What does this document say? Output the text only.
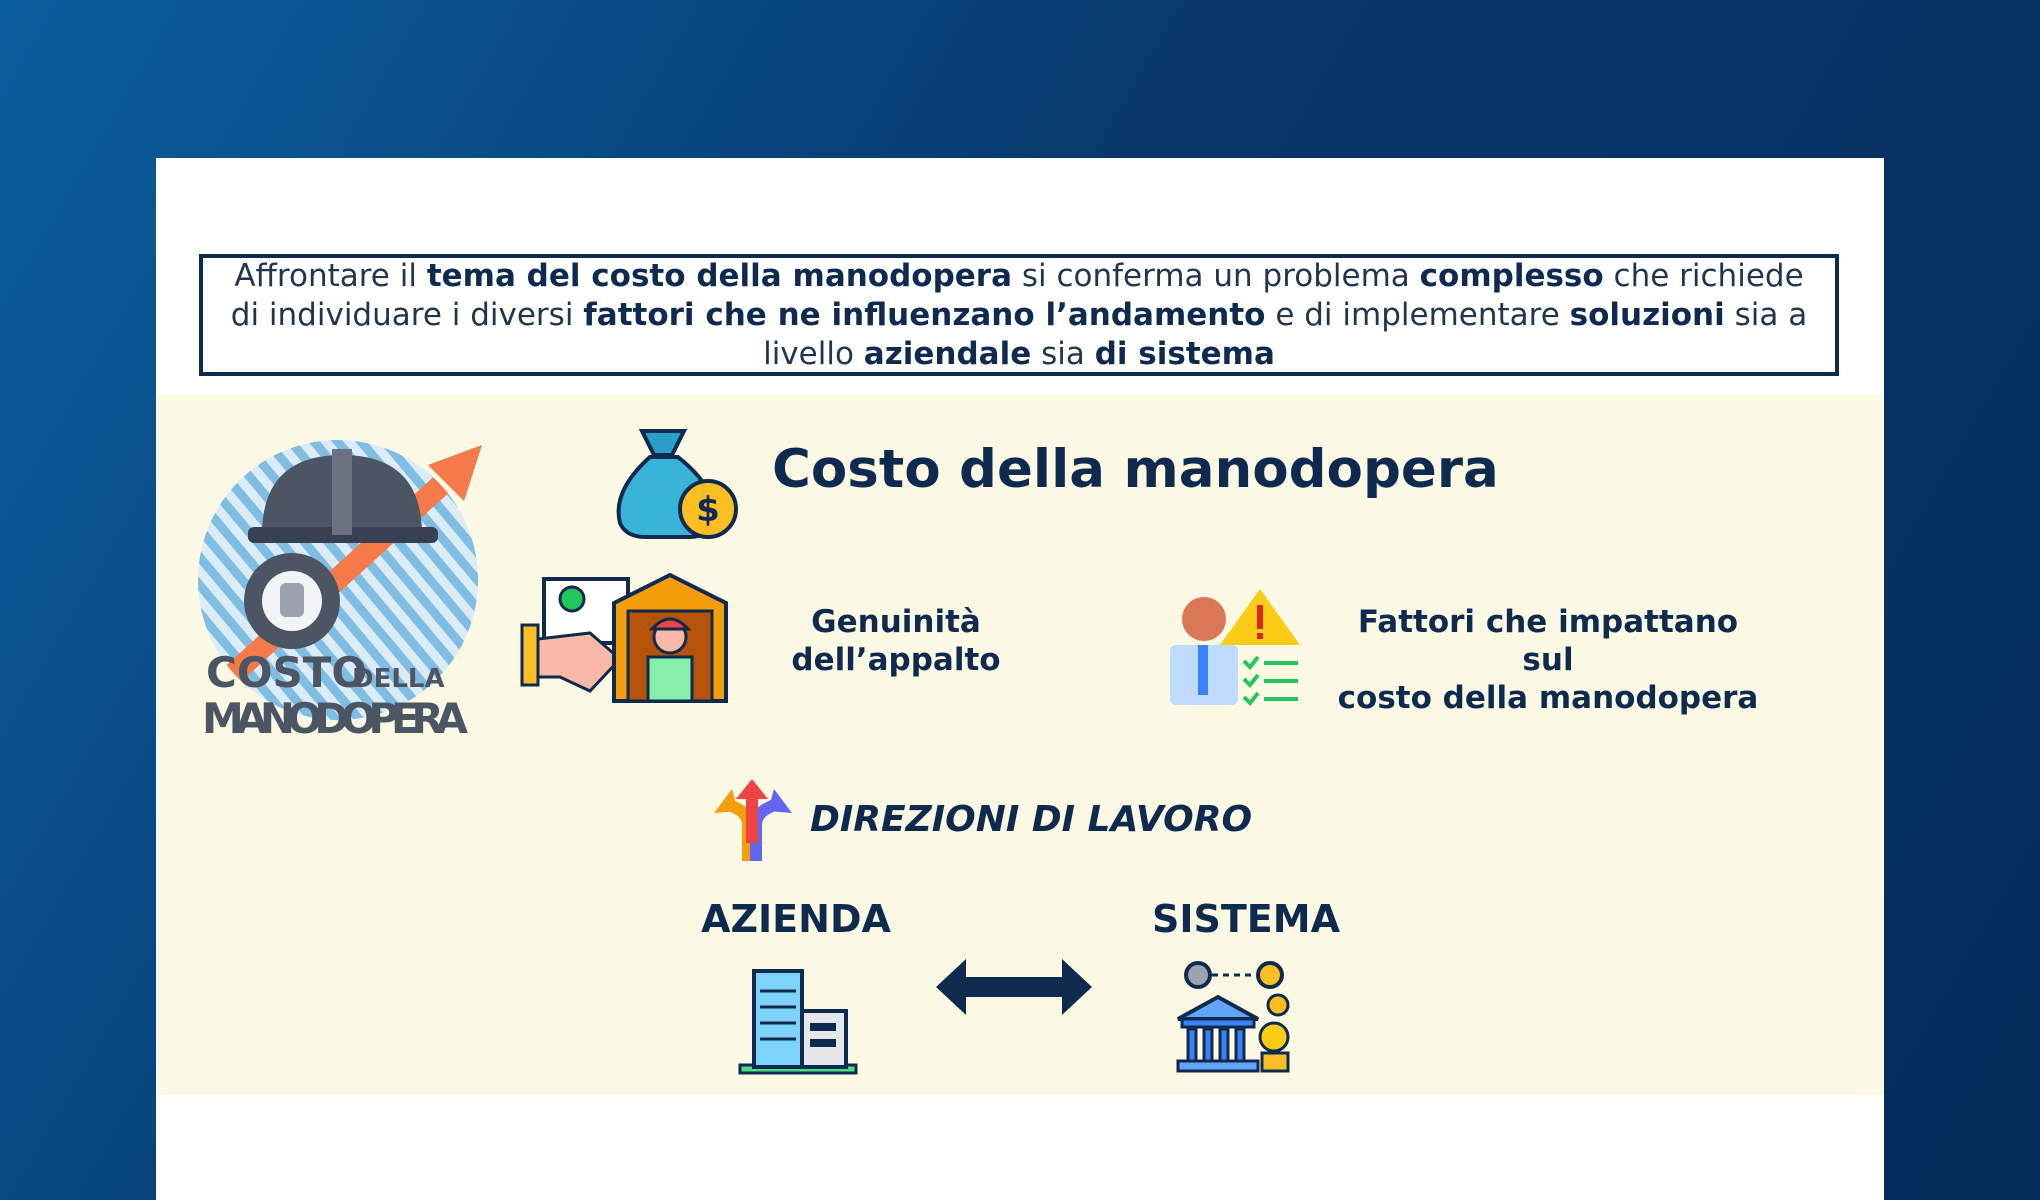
Affrontare il tema del costo della manodopera si conferma un problema complesso che richiede di individuare i diversi fattori che ne influenzano l’andamento e di implementare soluzioni sia a livello aziendale sia di sistema
COSTO
DELLA
MANODOPERA
$
Costo della manodopera
Genuinità
dell’appalto
Fattori che impattano sul
costo della manodopera
DIREZIONI DI LAVORO
AZIENDA	SISTEMA
